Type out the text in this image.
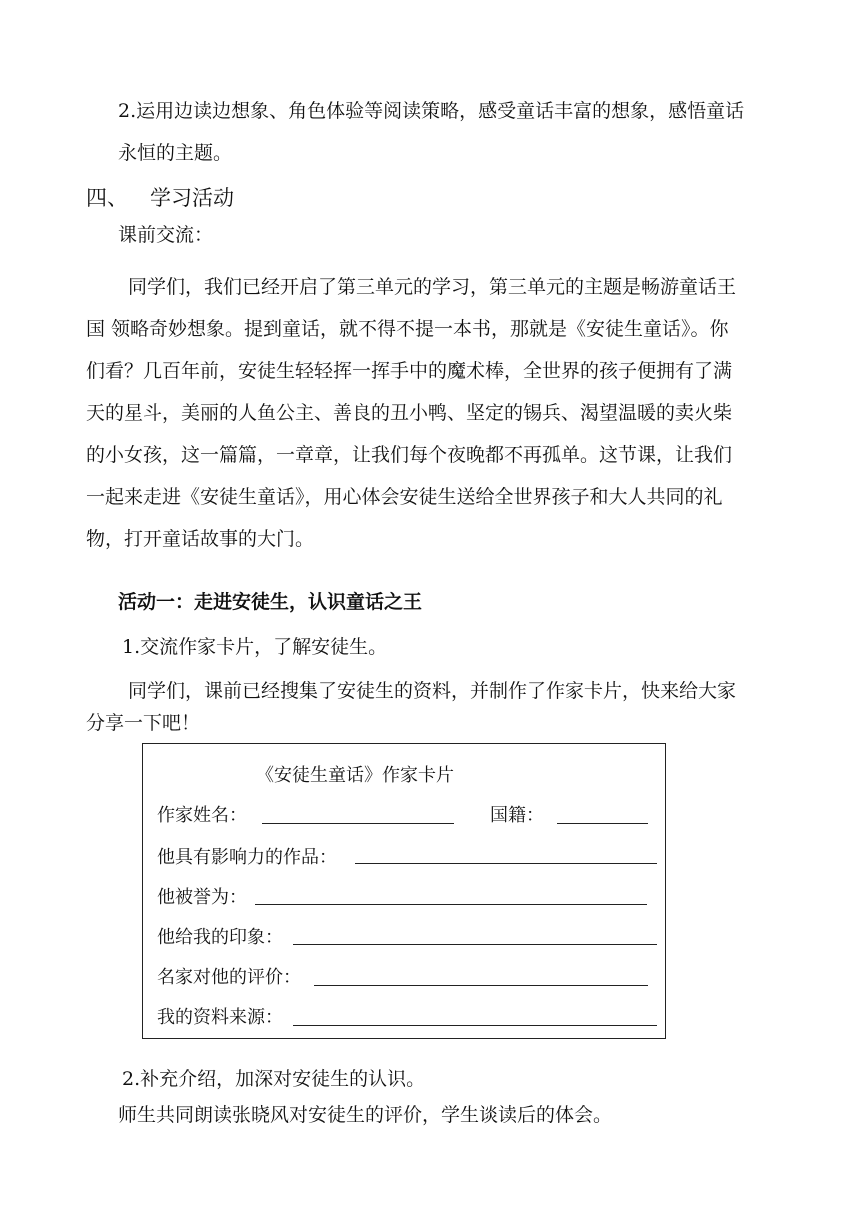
2.运用边读边想象、角色体验等阅读策略，感受童话丰富的想象，感悟童话
永恒的主题。
四、 学习活动
课前交流：
同学们，我们已经开启了第三单元的学习，第三单元的主题是畅游童话王
国 领略奇妙想象。提到童话，就不得不提一本书，那就是《安徒生童话》。你
们看？几百年前，安徒生轻轻挥一挥手中的魔术棒，全世界的孩子便拥有了满
天的星斗，美丽的人鱼公主、善良的丑小鸭、坚定的锡兵、渴望温暖的卖火柴
的小女孩，这一篇篇，一章章，让我们每个夜晚都不再孤单。这节课，让我们
一起来走进《安徒生童话》，用心体会安徒生送给全世界孩子和大人共同的礼
物，打开童话故事的大门。
活动一：走进安徒生，认识童话之王
1.交流作家卡片，了解安徒生。
同学们，课前已经搜集了安徒生的资料，并制作了作家卡片，快来给大家
分享一下吧！
《安徒生童话》作家卡片
作家姓名：	国籍：
他具有影响力的作品：
他被誉为：
他给我的印象：
名家对他的评价：
我的资料来源：
2.补充介绍，加深对安徒生的认识。
师生共同朗读张晓风对安徒生的评价，学生谈读后的体会。
